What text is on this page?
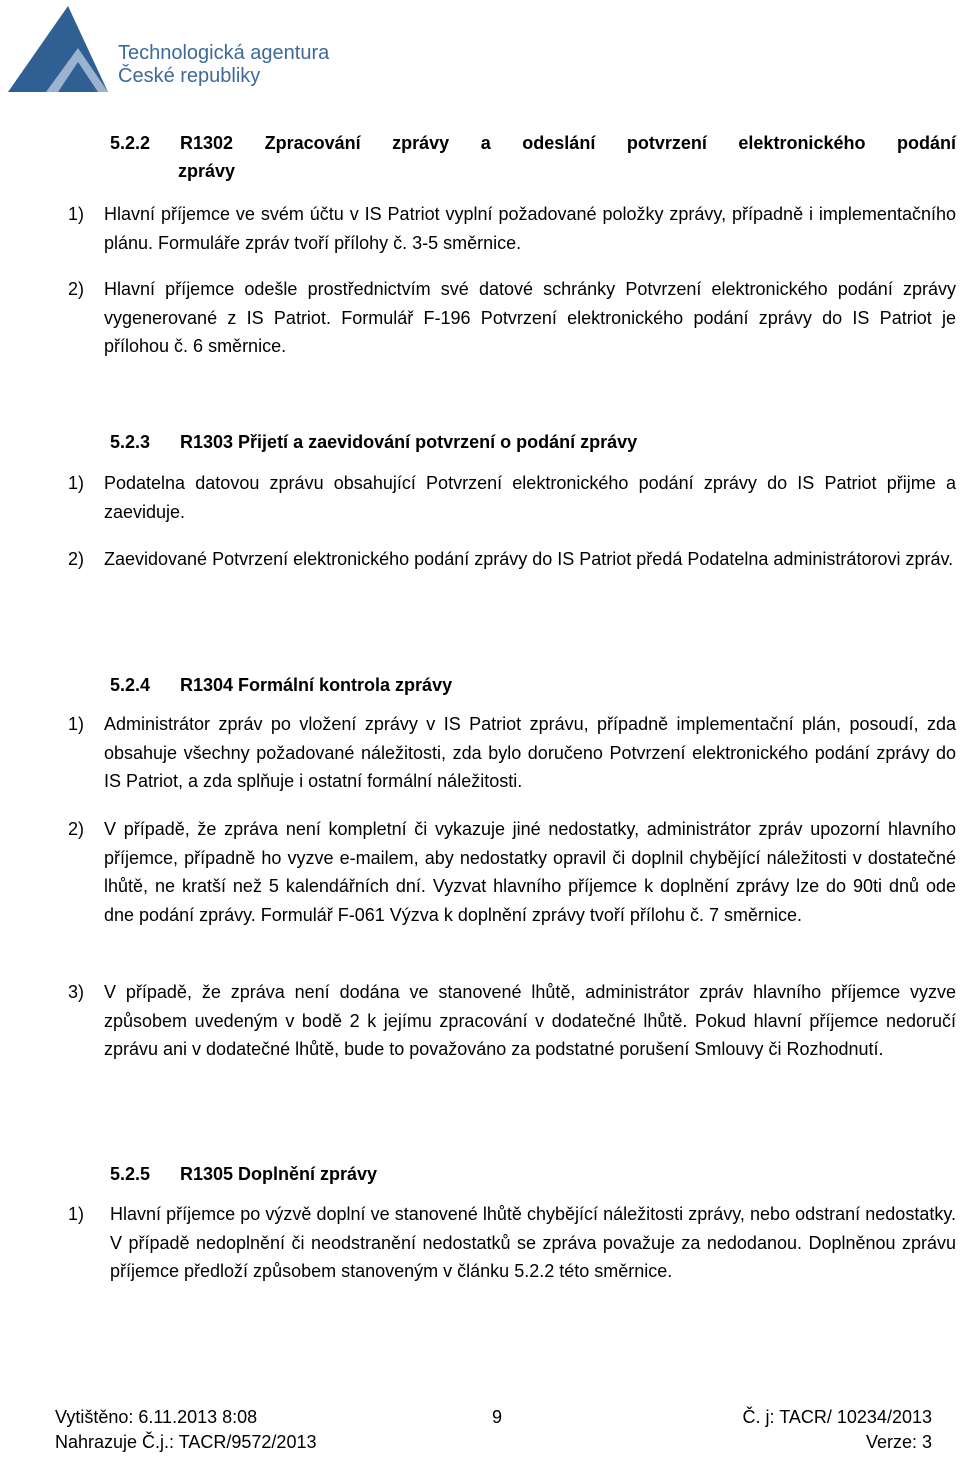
Technologická agentura
České republiky
5.2.2 R1302 Zpracování zprávy a odeslání potvrzení elektronického podání
zprávy
1) Hlavní příjemce ve svém účtu v IS Patriot vyplní požadované položky zprávy, případně i implementačního plánu. Formuláře zpráv tvoří přílohy č. 3-5 směrnice.
2) Hlavní příjemce odešle prostřednictvím své datové schránky Potvrzení elektronického podání zprávy vygenerované z IS Patriot. Formulář F-196 Potvrzení elektronického podání zprávy do IS Patriot je přílohou č. 6 směrnice.
5.2.3 R1303 Přijetí a zaevidování potvrzení o podání zprávy
1) Podatelna datovou zprávu obsahující Potvrzení elektronického podání zprávy do IS Patriot přijme a zaeviduje.
2) Zaevidované Potvrzení elektronického podání zprávy do IS Patriot předá Podatelna administrátorovi zpráv.
5.2.4 R1304 Formální kontrola zprávy
1) Administrátor zpráv po vložení zprávy v IS Patriot zprávu, případně implementační plán, posoudí, zda obsahuje všechny požadované náležitosti, zda bylo doručeno Potvrzení elektronického podání zprávy do IS Patriot, a zda splňuje i ostatní formální náležitosti.
2) V případě, že zpráva není kompletní či vykazuje jiné nedostatky, administrátor zpráv upozorní hlavního příjemce, případně ho vyzve e-mailem, aby nedostatky opravil či doplnil chybějící náležitosti v dostatečné lhůtě, ne kratší než 5 kalendářních dní. Vyzvat hlavního příjemce k doplnění zprávy lze do 90ti dnů ode dne podání zprávy. Formulář F-061 Výzva k doplnění zprávy tvoří přílohu č. 7 směrnice.
3) V případě, že zpráva není dodána ve stanovené lhůtě, administrátor zpráv hlavního příjemce vyzve způsobem uvedeným v bodě 2 k jejímu zpracování v dodatečné lhůtě. Pokud hlavní příjemce nedoručí zprávu ani v dodatečné lhůtě, bude to považováno za podstatné porušení Smlouvy či Rozhodnutí.
5.2.5 R1305 Doplnění zprávy
1) Hlavní příjemce po výzvě doplní ve stanovené lhůtě chybějící náležitosti zprávy, nebo odstraní nedostatky. V případě nedoplnění či neodstranění nedostatků se zpráva považuje za nedodanou. Doplněnou zprávu příjemce předloží způsobem stanoveným v článku 5.2.2 této směrnice.
Vytištěno: 6.11.2013 8:08
Nahrazuje Č.j.: TACR/9572/2013
9	Č. j: TACR/ 10234/2013
Verze: 3
